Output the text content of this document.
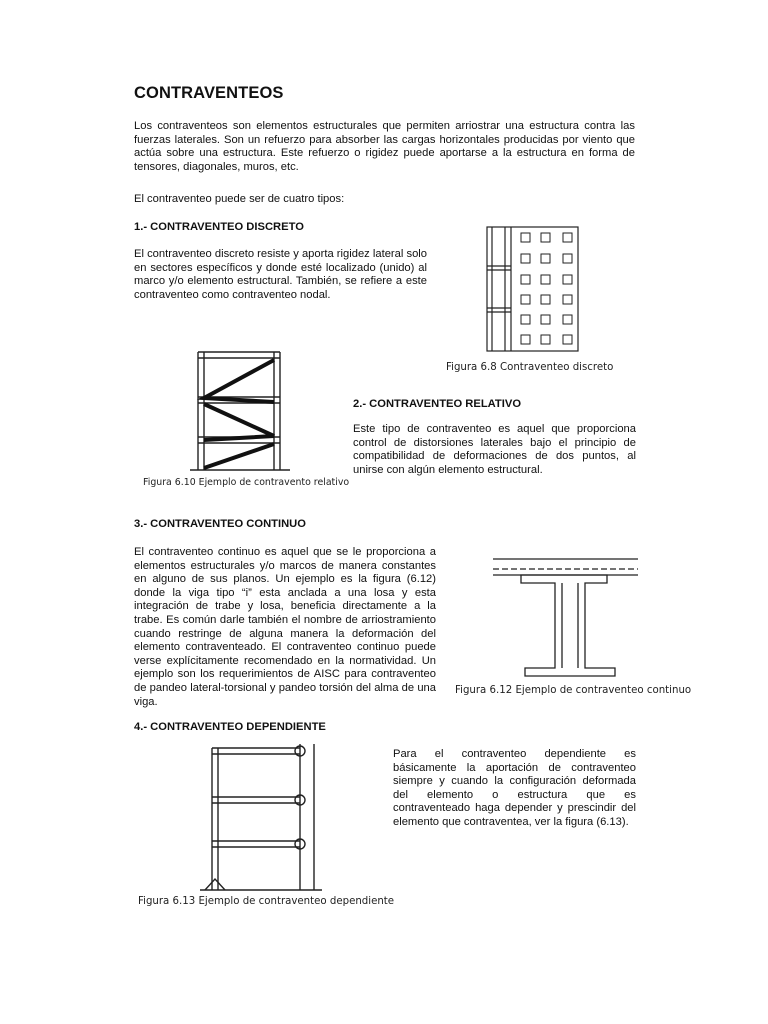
CONTRAVENTEOS

Los contraventeos son elementos estructurales que permiten arriostrar una estructura contra las fuerzas laterales. Son un refuerzo para absorber las cargas horizontales producidas por viento que actúa sobre una estructura. Este refuerzo o rigidez puede aportarse a la estructura en forma de tensores, diagonales, muros, etc.

El contraventeo puede ser de cuatro tipos:

1.- CONTRAVENTEO DISCRETO

El contraventeo discreto resiste y aporta rigidez lateral solo en sectores específicos y donde esté localizado (unido) al marco y/o elemento estructural. También, se refiere a este contraventeo como contraventeo nodal.

Figura 6.8 Contraventeo discreto
Figura 6.10 Ejemplo de contravento relativo
2.- CONTRAVENTEO RELATIVO

Este tipo de contraventeo es aquel que proporciona control de distorsiones laterales bajo el principio de compatibilidad de deformaciones de dos puntos, al unirse con algún elemento estructural.

3.- CONTRAVENTEO CONTINUO

El contraventeo continuo es aquel que se le proporciona a elementos estructurales y/o marcos de manera constantes en alguno de sus planos. Un ejemplo es la figura (6.12) donde la viga tipo “i” esta anclada a una losa y esta integración de trabe y losa, beneficia directamente a la trabe. Es común darle también el nombre de arriostramiento cuando restringe de alguna manera la deformación del elemento contraventeado. El contraventeo continuo puede verse explícitamente recomendado en la normatividad. Un ejemplo son los requerimientos de AISC para contraventeo de pandeo lateral-torsional y pandeo torsión del alma de una viga.

Figura 6.12 Ejemplo de contraventeo continuo
4.- CONTRAVENTEO DEPENDIENTE

Para el contraventeo dependiente es básicamente la aportación de contraventeo siempre y cuando la configuración deformada del elemento o estructura que es contraventeado haga depender y prescindir del elemento que contraventea, ver la figura (6.13).

Figura 6.13 Ejemplo de contraventeo dependiente
